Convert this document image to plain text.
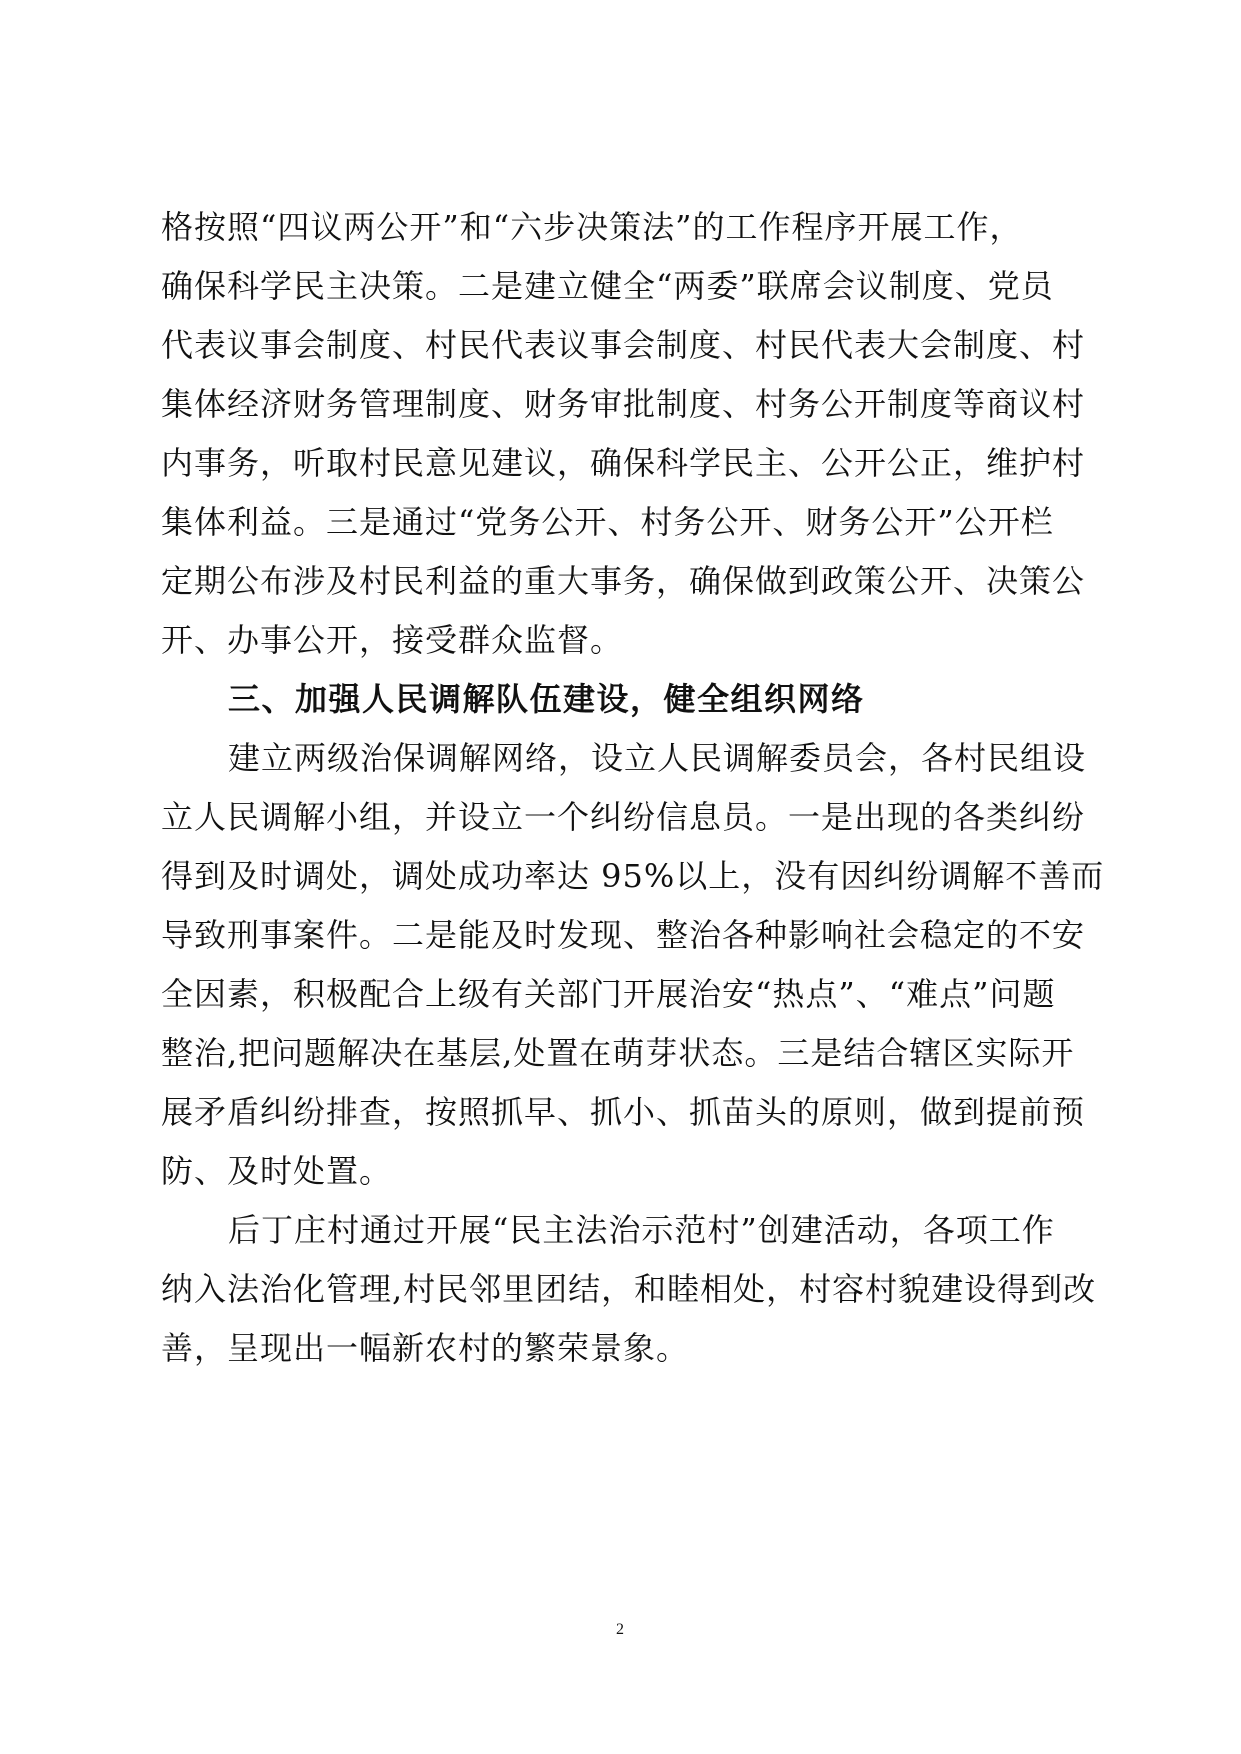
格按照“四议两公开”和“六步决策法”的工作程序开展工作，
确保科学民主决策。二是建立健全“两委”联席会议制度、党员
代表议事会制度、村民代表议事会制度、村民代表大会制度、村
集体经济财务管理制度、财务审批制度、村务公开制度等商议村
内事务，听取村民意见建议，确保科学民主、公开公正，维护村
集体利益。三是通过“党务公开、村务公开、财务公开”公开栏
定期公布涉及村民利益的重大事务，确保做到政策公开、决策公
开、办事公开，接受群众监督。
三、加强人民调解队伍建设，健全组织网络
建立两级治保调解网络，设立人民调解委员会，各村民组设
立人民调解小组，并设立一个纠纷信息员。一是出现的各类纠纷
得到及时调处，调处成功率达 95%以上，没有因纠纷调解不善而
导致刑事案件。二是能及时发现、整治各种影响社会稳定的不安
全因素，积极配合上级有关部门开展治安“热点”、“难点”问题
整治,把问题解决在基层,处置在萌芽状态。三是结合辖区实际开
展矛盾纠纷排查，按照抓早、抓小、抓苗头的原则，做到提前预
防、及时处置。
后丁庄村通过开展“民主法治示范村”创建活动，各项工作
纳入法治化管理,村民邻里团结，和睦相处，村容村貌建设得到改
善，呈现出一幅新农村的繁荣景象。
2
